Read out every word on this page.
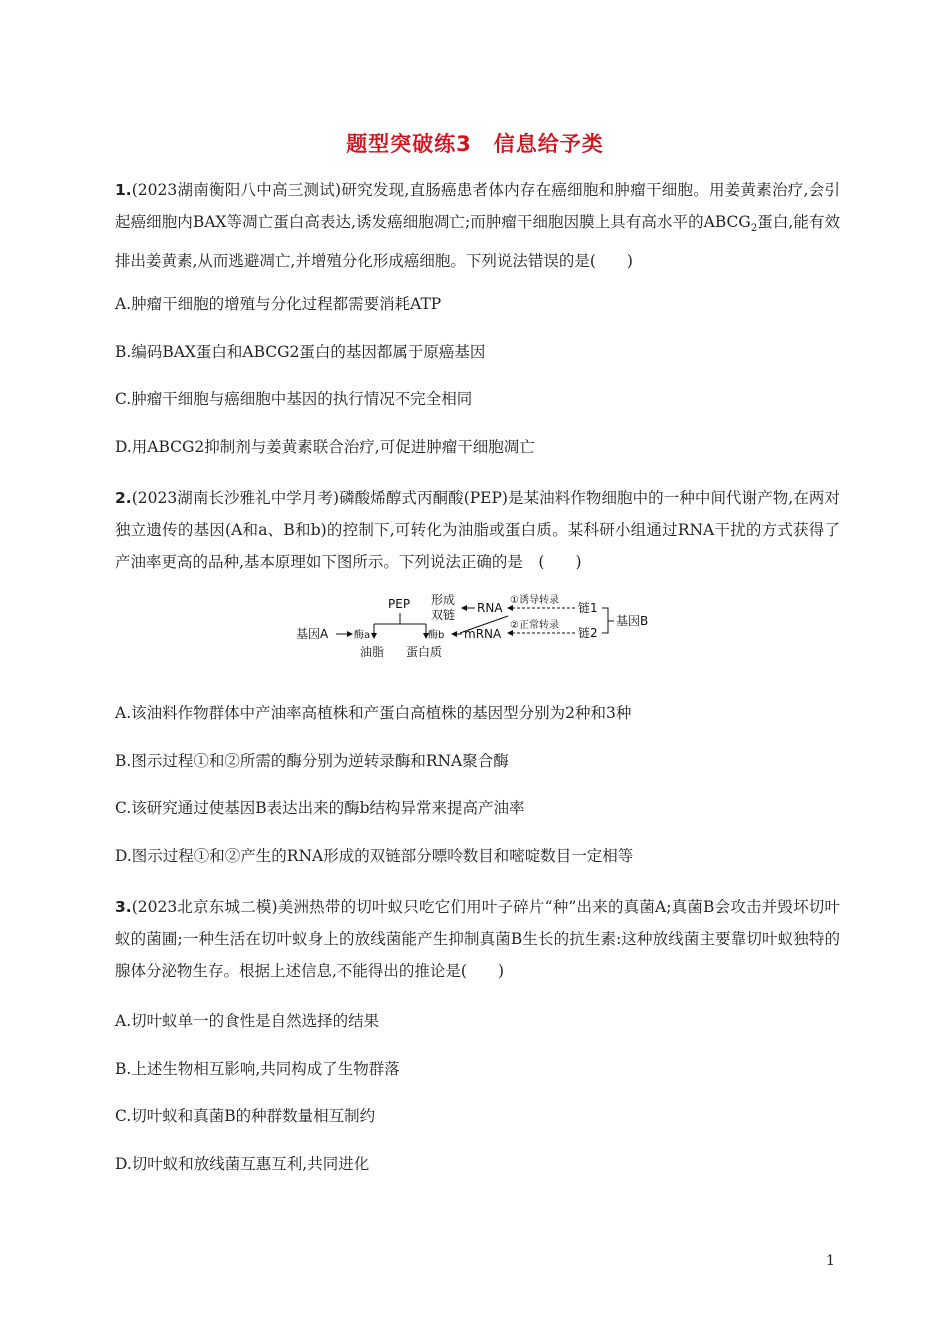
题型突破练3　信息给予类
1.(2023湖南衡阳八中高三测试)研究发现,直肠癌患者体内存在癌细胞和肿瘤干细胞。用姜黄素治疗,会引起癌细胞内BAX等凋亡蛋白高表达,诱发癌细胞凋亡;而肿瘤干细胞因膜上具有高水平的$ABCG_2$蛋白,能有效排出姜黄素,从而逃避凋亡,并增殖分化形成癌细胞。下列说法错误的是(　　)
A.肿瘤干细胞的增殖与分化过程都需要消耗ATP
B.编码BAX蛋白和ABCG2蛋白的基因都属于原癌基因
C.肿瘤干细胞与癌细胞中基因的执行情况不完全相同
D.用ABCG2抑制剂与姜黄素联合治疗,可促进肿瘤干细胞凋亡
2.(2023湖南长沙雅礼中学月考)磷酸烯醇式丙酮酸(PEP)是某油料作物细胞中的一种中间代谢产物,在两对独立遗传的基因(A和a、B和b)的控制下,可转化为油脂或蛋白质。某科研小组通过RNA干扰的方式获得了产油率更高的品种,基本原理如下图所示。下列说法正确的是　(　　)
PEP
基因A	酶a	酶b
油脂 蛋白质
形成
双链 RNA
mRNA
①诱导转录
②正常转录
链1
链2
基因B
A.该油料作物群体中产油率高植株和产蛋白高植株的基因型分别为2种和3种
B.图示过程①和②所需的酶分别为逆转录酶和RNA聚合酶
C.该研究通过使基因B表达出来的酶b结构异常来提高产油率
D.图示过程①和②产生的RNA形成的双链部分嘌呤数目和嘧啶数目一定相等
3.(2023北京东城二模)美洲热带的切叶蚁只吃它们用叶子碎片“种”出来的真菌A;真菌B会攻击并毁坏切叶蚁的菌圃;一种生活在切叶蚁身上的放线菌能产生抑制真菌B生长的抗生素:这种放线菌主要靠切叶蚁独特的腺体分泌物生存。根据上述信息,不能得出的推论是(　　)
A.切叶蚁单一的食性是自然选择的结果
B.上述生物相互影响,共同构成了生物群落
C.切叶蚁和真菌B的种群数量相互制约
D.切叶蚁和放线菌互惠互利,共同进化
1
